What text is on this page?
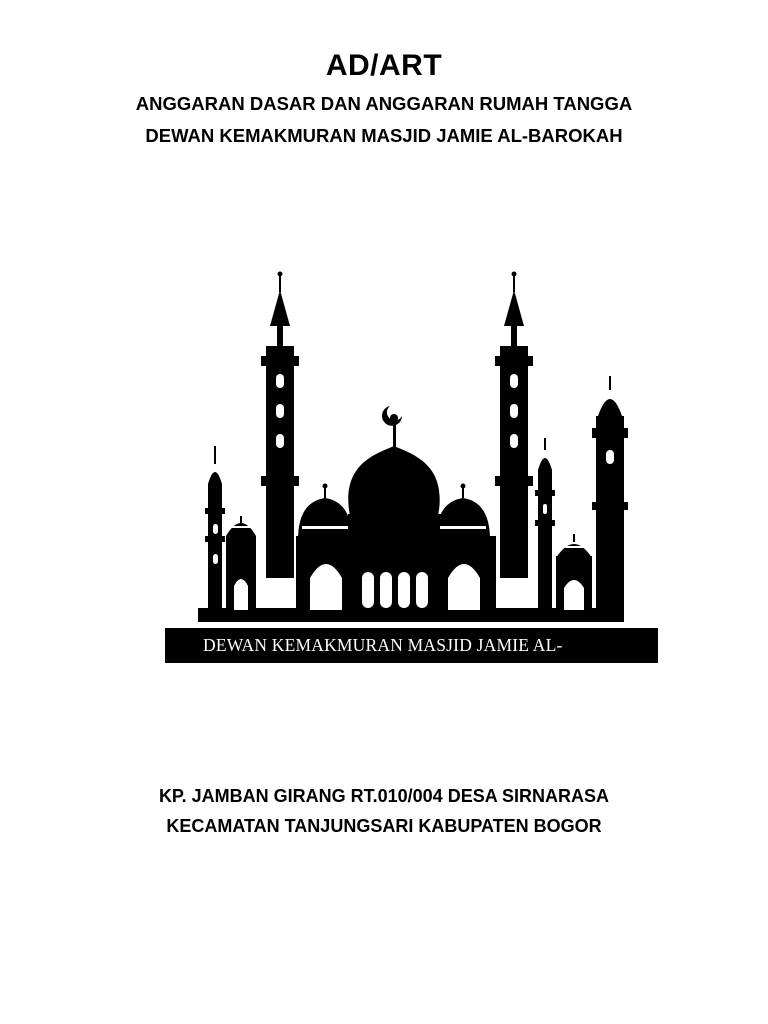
AD/ART
ANGGARAN DASAR DAN ANGGARAN RUMAH TANGGA
DEWAN KEMAKMURAN MASJID JAMIE AL-BAROKAH
DEWAN KEMAKMURAN MASJID JAMIE AL-
KP. JAMBAN GIRANG RT.010/004 DESA SIRNARASA
KECAMATAN TANJUNGSARI KABUPATEN BOGOR
